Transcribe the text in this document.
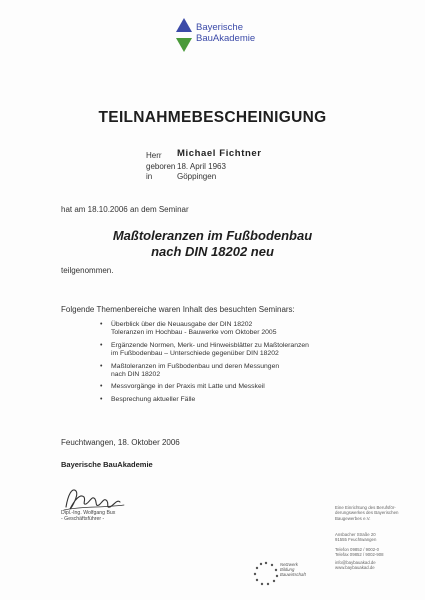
Bayerische
BauAkademie
TEILNAHMEBESCHEINIGUNG
Herr	Michael Fichtner
geboren 18. April 1963
in	Göppingen
hat am 18.10.2006 an dem Seminar
Maßtoleranzen im Fußbodenbau
nach DIN 18202 neu
teilgenommen.
Folgende Themenbereiche waren Inhalt des besuchten Seminars:
• Überblick über die Neuausgabe der DIN 18202
Toleranzen im Hochbau - Bauwerke vom Oktober 2005
• Ergänzende Normen, Merk- und Hinweisblätter zu Maßtoleranzen
im Fußbodenbau – Unterschiede gegenüber DIN 18202
• Maßtoleranzen im Fußbodenbau und deren Messungen
nach DIN 18202
• Messvorgänge in der Praxis mit Latte und Messkeil
• Besprechung aktueller Fälle
Feuchtwangen, 18. Oktober 2006
Bayerische BauAkademie
Dipl.-Ing. Wolfgang Bux
- Geschäftsführer -
Eine Einrichtung des Berufsför-
derungswerkes des Bayerischen
Baugewerbes e.V.
Ansbacher Straße 20
91555 Feuchtwangen
Telefon 09852 / 9002-0
Telefax 09852 / 9002-908
info@baybauakad.de
www.baybauakad.de
Netzwerk
Bildung
Bauwirtschaft
